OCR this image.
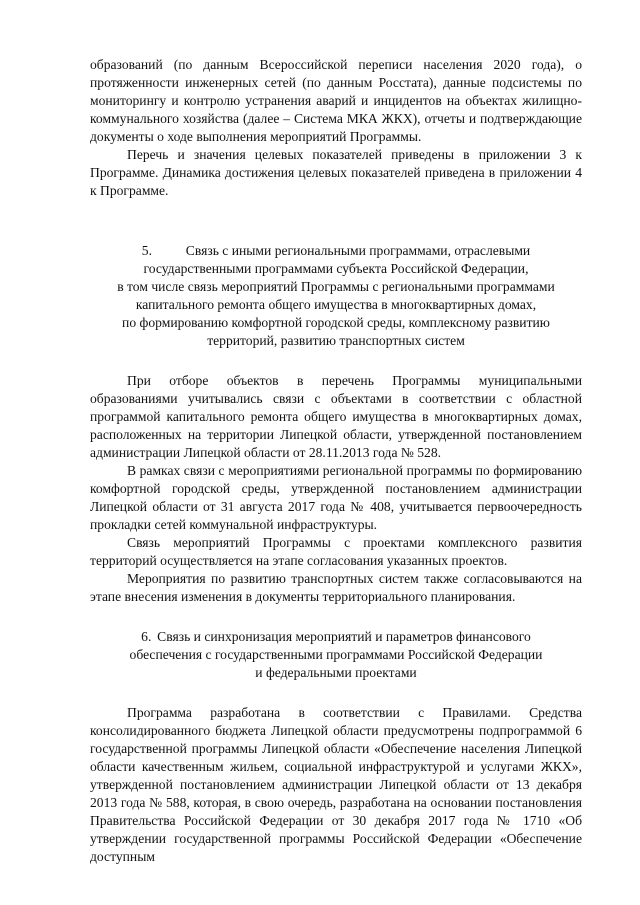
образований (по данным Всероссийской переписи населения 2020 года), о протяженности инженерных сетей (по данным Росстата), данные подсистемы по мониторингу и контролю устранения аварий и инцидентов на объектах жилищно-коммунального хозяйства (далее – Система МКА ЖКХ), отчеты и подтверждающие документы о ходе выполнения мероприятий Программы.

Перечь и значения целевых показателей приведены в приложении 3 к Программе. Динамика достижения целевых показателей приведена в приложении 4 к Программе.

5. Связь с иными региональными программами, отраслевыми
государственными программами субъекта Российской Федерации,
в том числе связь мероприятий Программы с региональными программами
капитального ремонта общего имущества в многоквартирных домах,
по формированию комфортной городской среды, комплексному развитию
территорий, развитию транспортных систем

При отборе объектов в перечень Программы муниципальными образованиями учитывались связи с объектами в соответствии с областной программой капитального ремонта общего имущества в многоквартирных домах, расположенных на территории Липецкой области, утвержденной постановлением администрации Липецкой области от 28.11.2013 года № 528.

В рамках связи с мероприятиями региональной программы по формированию комфортной городской среды, утвержденной постановлением администрации Липецкой области от 31 августа 2017 года № 408, учитывается первоочередность прокладки сетей коммунальной инфраструктуры.

Связь мероприятий Программы с проектами комплексного развития территорий осуществляется на этапе согласования указанных проектов.

Мероприятия по развитию транспортных систем также согласовываются на этапе внесения изменения в документы территориального планирования.

6. Связь и синхронизация мероприятий и параметров финансового
обеспечения с государственными программами Российской Федерации
и федеральными проектами

Программа разработана в соответствии с Правилами. Средства консолидированного бюджета Липецкой области предусмотрены подпрограммой 6 государственной программы Липецкой области «Обеспечение населения Липецкой области качественным жильем, социальной инфраструктурой и услугами ЖКХ», утвержденной постановлением администрации Липецкой области от 13 декабря 2013 года № 588, которая, в свою очередь, разработана на основании постановления Правительства Российской Федерации от 30 декабря 2017 года № 1710 «Об утверждении государственной программы Российской Федерации «Обеспечение доступным
